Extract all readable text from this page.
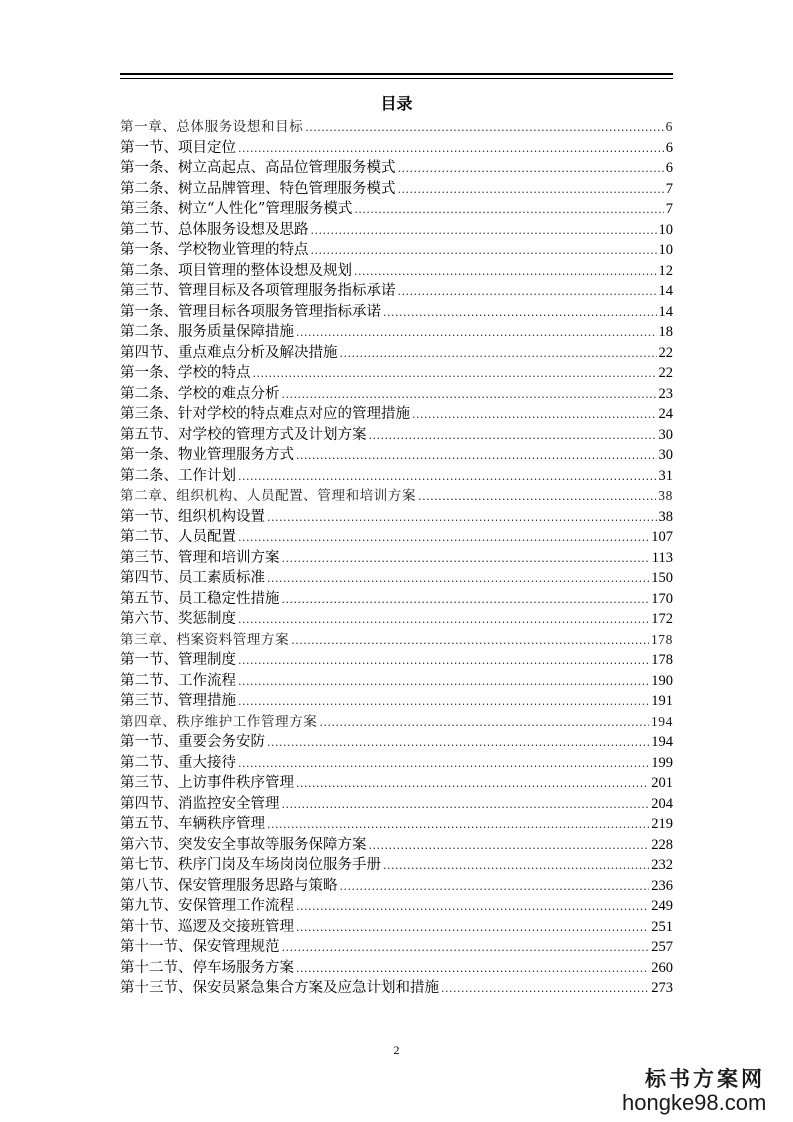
目录
第一章、总体服务设想和目标 .....	6
第一节、项目定位 .....	6
第一条、树立高起点、高品位管理服务模式 .....	6
第二条、树立品牌管理、特色管理服务模式 .....	7
第三条、树立“人性化”管理服务模式 .....	7
第二节、总体服务设想及思路 .....	10
第一条、学校物业管理的特点 .....	10
第二条、项目管理的整体设想及规划 .....	12
第三节、管理目标及各项管理服务指标承诺 .....	14
第一条、管理目标各项服务管理指标承诺 .....	14
第二条、服务质量保障措施 .....	18
第四节、重点难点分析及解决措施 .....	22
第一条、学校的特点 .....	22
第二条、学校的难点分析 .....	23
第三条、针对学校的特点难点对应的管理措施 .....	24
第五节、对学校的管理方式及计划方案 .....	30
第一条、物业管理服务方式 .....	30
第二条、工作计划 .....	31
第二章、组织机构、人员配置、管理和培训方案 .....	38
第一节、组织机构设置 .....	38
第二节、人员配置 .....	107
第三节、管理和培训方案 .....	113
第四节、员工素质标准 .....	150
第五节、员工稳定性措施 .....	170
第六节、奖惩制度 .....	172
第三章、档案资料管理方案 .....	178
第一节、管理制度 .....	178
第二节、工作流程 .....	190
第三节、管理措施 .....	191
第四章、秩序维护工作管理方案 .....	194
第一节、重要会务安防 .....	194
第二节、重大接待 .....	199
第三节、上访事件秩序管理 .....	201
第四节、消监控安全管理 .....	204
第五节、车辆秩序管理 .....	219
第六节、突发安全事故等服务保障方案 .....	228
第七节、秩序门岗及车场岗岗位服务手册 .....	232
第八节、保安管理服务思路与策略 .....	236
第九节、安保管理工作流程 .....	249
第十节、巡逻及交接班管理 .....	251
第十一节、保安管理规范 .....	257
第十二节、停车场服务方案 .....	260
第十三节、保安员紧急集合方案及应急计划和措施 .....	273
2
标书方案网
hongke98.com
